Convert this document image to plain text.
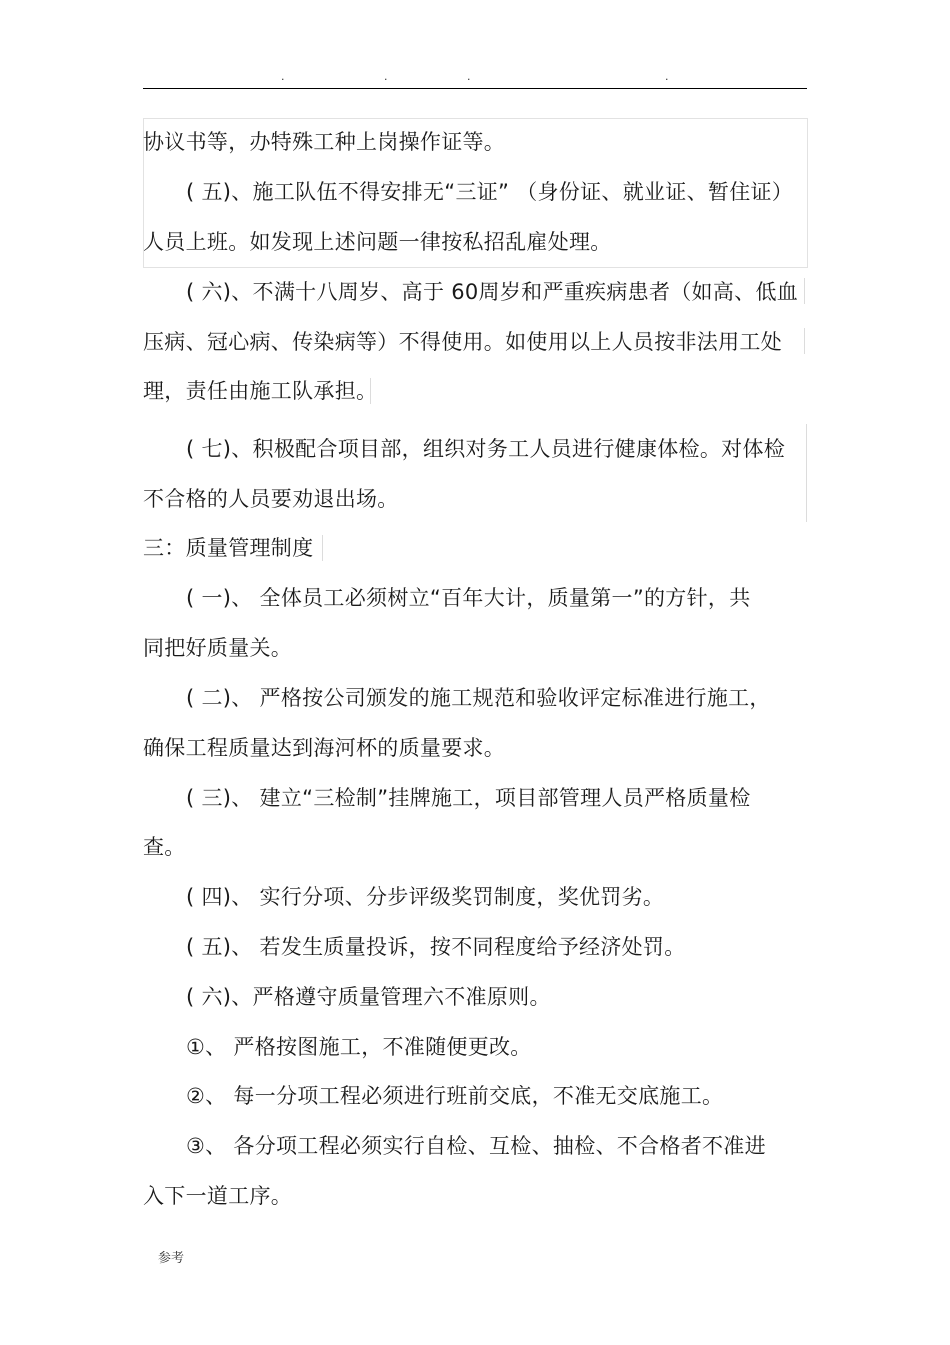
.	.	.	.
协议书等，办特殊工种上岗操作证等。
( 五)、施工队伍不得安排无“三证” （身份证、就业证、暂住证）
人员上班。如发现上述问题一律按私招乱雇处理。
( 六)、不满十八周岁、高于 60周岁和严重疾病患者（如高、低血
压病、冠心病、传染病等）不得使用。如使用以上人员按非法用工处
理，责任由施工队承担。
( 七)、积极配合项目部，组织对务工人员进行健康体检。对体检
不合格的人员要劝退出场。
三：质量管理制度
( 一)、 全体员工必须树立“百年大计，质量第一”的方针，共
同把好质量关。
( 二)、 严格按公司颁发的施工规范和验收评定标准进行施工，
确保工程质量达到海河杯的质量要求。
( 三)、 建立“三检制”挂牌施工，项目部管理人员严格质量检
查。
( 四)、 实行分项、分步评级奖罚制度，奖优罚劣。
( 五)、 若发生质量投诉，按不同程度给予经济处罚。
( 六)、严格遵守质量管理六不准原则。
①、 严格按图施工，不准随便更改。
②、 每一分项工程必须进行班前交底，不准无交底施工。
③、 各分项工程必须实行自检、互检、抽检、不合格者不准进
入下一道工序。
参考
